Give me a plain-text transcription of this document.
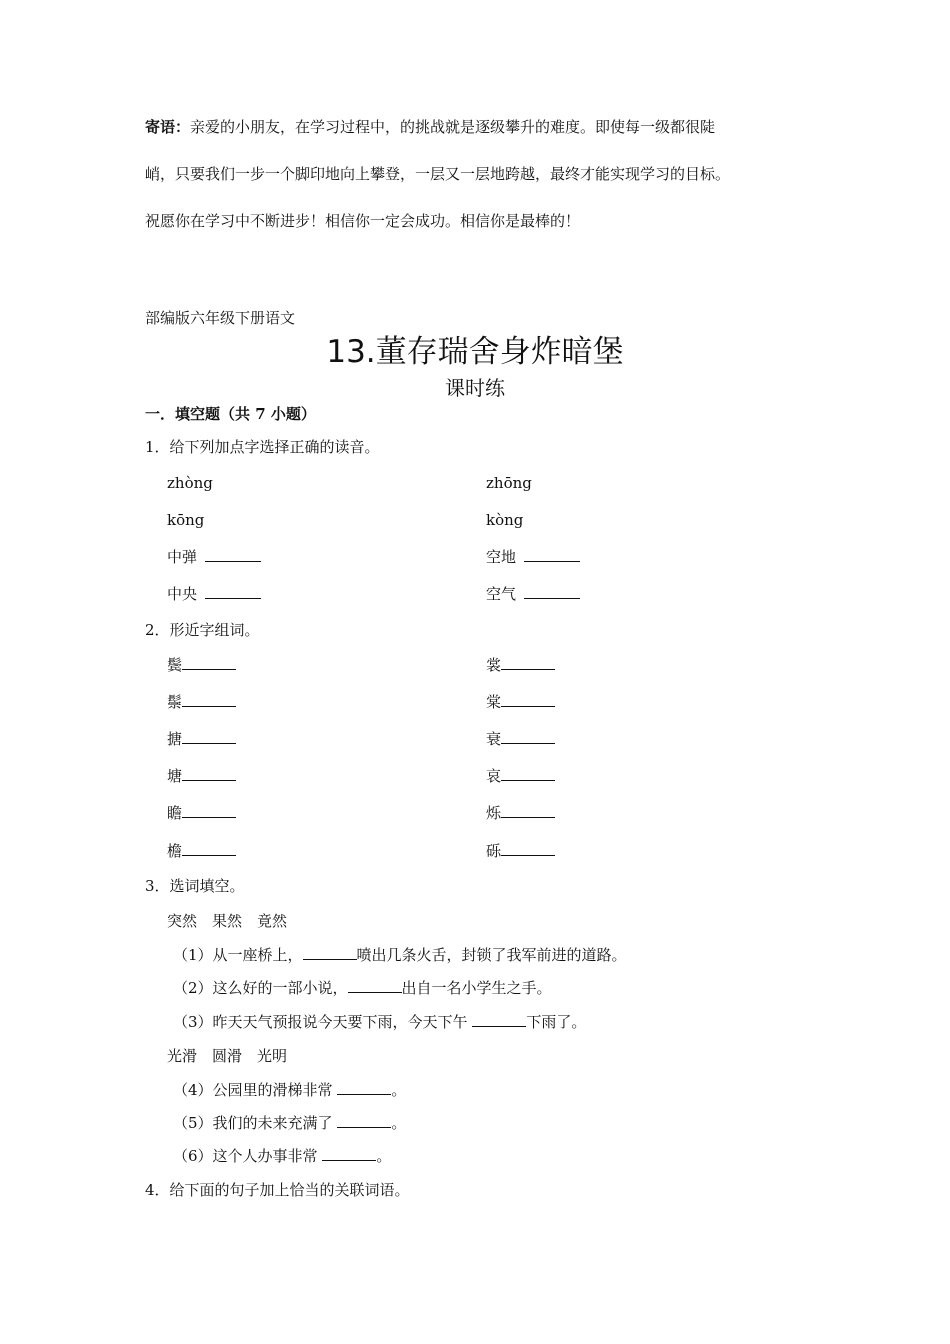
寄语：亲爱的小朋友，在学习过程中，的挑战就是逐级攀升的难度。即使每一级都很陡
峭，只要我们一步一个脚印地向上攀登，一层又一层地跨越，最终才能实现学习的目标。
祝愿你在学习中不断进步！相信你一定会成功。相信你是最棒的！
部编版六年级下册语文
13.董存瑞舍身炸暗堡
课时练
一．填空题（共 7 小题）
1．给下列加点字选择正确的读音。
zhòng	zhōng
kōng	kòng
中弹	空地
中央	空气
2．形近字组词。
鬓	裳
鬃	棠
搪	衰
塘	哀
瞻	烁
檐	砾
3．选词填空。
突然　果然　竟然
（1）从一座桥上，	喷出几条火舌，封锁了我军前进的道路。
（2）这么好的一部小说，	出自一名小学生之手。
（3）昨天天气预报说今天要下雨，今天下午	下雨了。
光滑　圆滑　光明
（4）公园里的滑梯非常	。
（5）我们的未来充满了	。
（6）这个人办事非常	。
4．给下面的句子加上恰当的关联词语。
